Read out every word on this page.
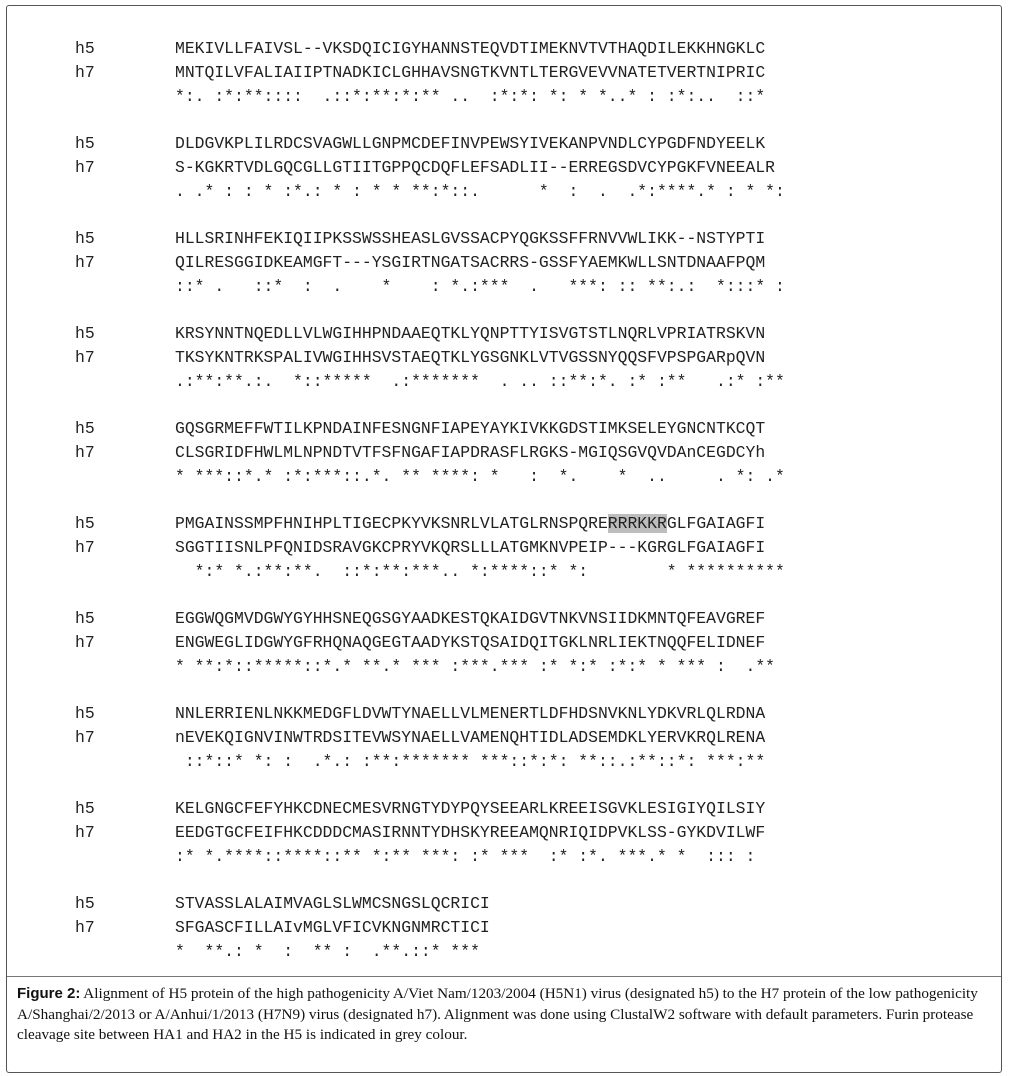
h5	MEKIVLLFAIVSL--VKSDQICIGYHANNSTEQVDTIMEKNVTVTHAQDILEKKHNGKLC
h7	MNTQILVFALIAIIPTNADKICLGHHAVSNGTKVNTLTERGVEVVNATETVERTNIPRIC
*:. :*:**::::  .::*:**:*:** ..  :*:*: *: * *..* : :*:..  ::*
h5	DLDGVKPLILRDCSVAGWLLGNPMCDEFINVPEWSYIVEKANPVNDLCYPGDFNDYEELK
h7	S-KGKRTVDLGQCGLLGTIITGPPQCDQFLEFSADLII--ERREGSDVCYPGKFVNEEALR
. .* : : * :*.: * : * * **:*::.      *  :  .  .*:****.* : * *:
h5	HLLSRINHFEKIQIIPKSSWSSHEASLGVSSACPYQGKSSFFRNVVWLIKK--NSTYPTI
h7	QILRESGGIDKEAMGFT---YSGIRTNGATSACRRS-GSSFYAEMKWLLSNTDNAAFPQM
::* .   ::*  :  .    *    : *.:***  .   ***: :: **:.:  *:::* :
h5	KRSYNNTNQEDLLVLWGIHHPNDAAEQTKLYQNPTTYISVGTSTLNQRLVPRIATRSKVN
h7	TKSYKNTRKSPALIVWGIHHSVSTAEQTKLYGSGNKLVTVGSSNYQQSFVPSPGARpQVN
.:**:**.:.  *::*****  .:*******  . .. ::**:*. :* :**   .:* :**
h5	GQSGRMEFFWTILKPNDAINFESNGNFIAPEYAYKIVKKGDSTIMKSELEYGNCNTKCQT
h7	CLSGRIDFHWLMLNPNDTVTFSFNGAFIAPDRASFLRGKS-MGIQSGVQVDAnCEGDCYh
* ***::*.* :*:***::.*. ** ****: *   :  *.    *  ..     . *: .*
h5	PMGAINSSMPFHNIHPLTIGECPKYVKSNRLVLATGLRNSPQRERRRKKRGLFGAIAGFI
h7	SGGTIISNLPFQNIDSRAVGKCPRYVKQRSLLLATGMKNVPEIP---KGRGLFGAIAGFI
*:* *.:**:**.  ::*:**:***.. *:****::* *:        * **********
h5	EGGWQGMVDGWYGYHHSNEQGSGYAADKESTQKAIDGVTNKVNSIIDKMNTQFEAVGREF
h7	ENGWEGLIDGWYGFRHQNAQGEGTAADYKSTQSAIDQITGKLNRLIEKTNQQFELIDNEF
* **:*::*****::*.* **.* *** :***.*** :* *:* :*:* * *** :  .**
h5	NNLERRIENLNKKMEDGFLDVWTYNAELLVLMENERTLDFHDSNVKNLYDKVRLQLRDNA
h7	nEVEKQIGNVINWTRDSITEVWSYNAELLVAMENQHTIDLADSEMDKLYERVKRQLRENA
::*::* *: :  .*.: :**:******* ***::*:*: **::.:**::*: ***:**
h5	KELGNGCFEFYHKCDNECMESVRNGTYDYPQYSEEARLKREEISGVKLESIGIYQILSIY
h7	EEDGTGCFEIFHKCDDDCMASIRNNTYDHSKYREEAMQNRIQIDPVKLSS-GYKDVILWF
:* *.****::****::** *:** ***: :* ***  :* :*. ***.* *  ::: :
h5	STVASSLALAIMVAGLSLWMCSNGSLQCRICI
h7	SFGASCFILLAIvMGLVFICVKNGNMRCTICI
*  **.: *  :  ** :  .**.::* ***
Figure 2: Alignment of H5 protein of the high pathogenicity A/Viet Nam/1203/2004 (H5N1) virus (designated h5) to the H7 protein of the low pathogenicity A/Shanghai/2/2013 or A/Anhui/1/2013 (H7N9) virus (designated h7). Alignment was done using ClustalW2 software with default parameters. Furin protease cleavage site between HA1 and HA2 in the H5 is indicated in grey colour.
